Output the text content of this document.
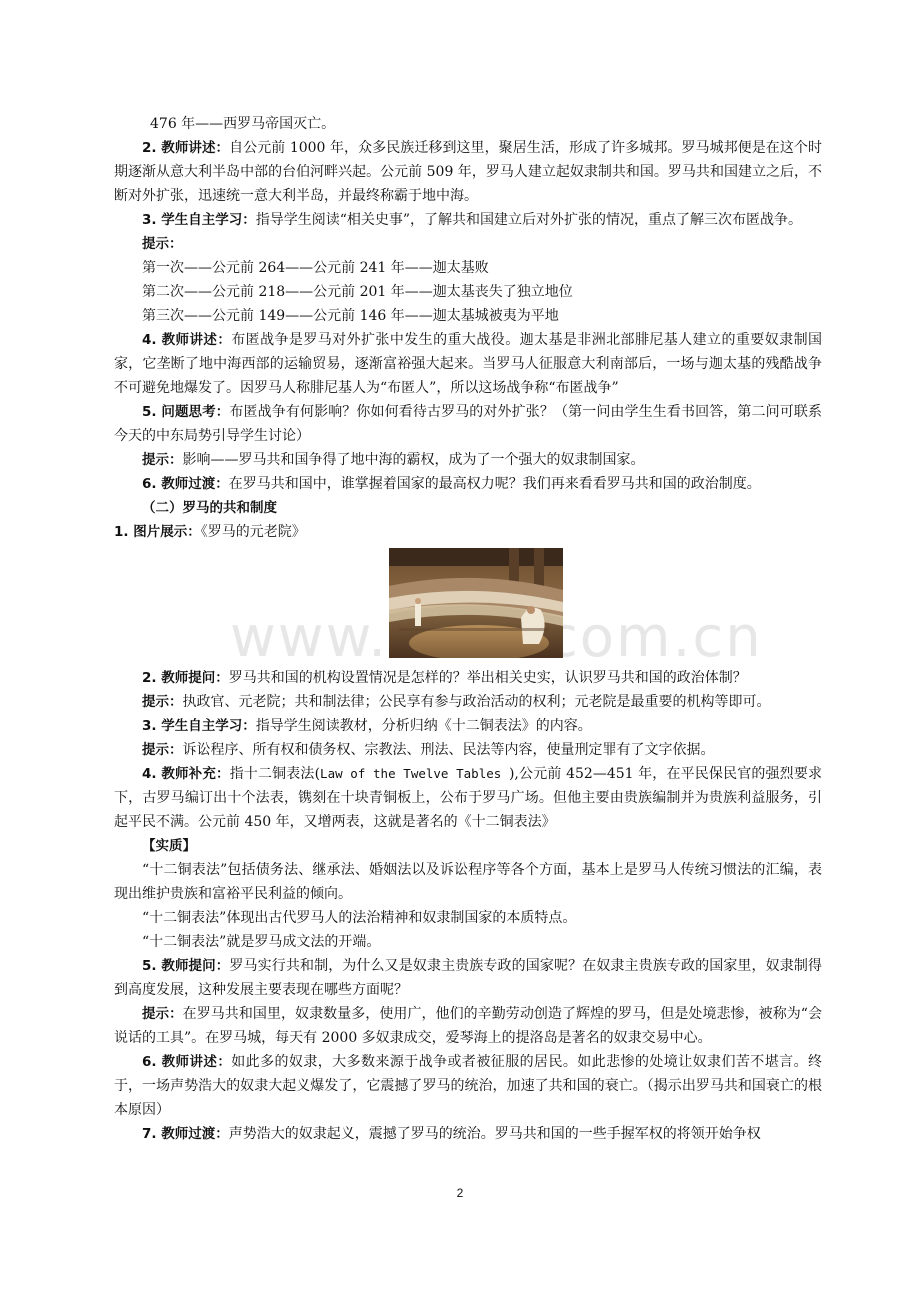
476 年——西罗马帝国灭亡。

2. 教师讲述：自公元前 1000 年，众多民族迁移到这里，聚居生活，形成了许多城邦。罗马城邦便是在这个时期逐渐从意大利半岛中部的台伯河畔兴起。公元前 509 年，罗马人建立起奴隶制共和国。罗马共和国建立之后，不断对外扩张，迅速统一意大利半岛，并最终称霸于地中海。

3. 学生自主学习：指导学生阅读“相关史事”，了解共和国建立后对外扩张的情况，重点了解三次布匿战争。

提示：

第一次——公元前 264——公元前 241 年——迦太基败

第二次——公元前 218——公元前 201 年——迦太基丧失了独立地位

第三次——公元前 149——公元前 146 年——迦太基城被夷为平地

4. 教师讲述：布匿战争是罗马对外扩张中发生的重大战役。迦太基是非洲北部腓尼基人建立的重要奴隶制国家，它垄断了地中海西部的运输贸易，逐渐富裕强大起来。当罗马人征服意大利南部后，一场与迦太基的残酷战争不可避免地爆发了。因罗马人称腓尼基人为“布匿人”，所以这场战争称“布匿战争”

5. 问题思考：布匿战争有何影响？你如何看待古罗马的对外扩张？（第一问由学生生看书回答，第二问可联系今天的中东局势引导学生讨论）

提示：影响——罗马共和国争得了地中海的霸权，成为了一个强大的奴隶制国家。

6. 教师过渡：在罗马共和国中，谁掌握着国家的最高权力呢？我们再来看看罗马共和国的政治制度。

（二）罗马的共和制度

1. 图片展示：《罗马的元老院》

2. 教师提问：罗马共和国的机构设置情况是怎样的？举出相关史实，认识罗马共和国的政治体制？

提示：执政官、元老院；共和制法律；公民享有参与政治活动的权利；元老院是最重要的机构等即可。

3. 学生自主学习：指导学生阅读教材，分析归纳《十二铜表法》的内容。

提示：诉讼程序、所有权和债务权、宗教法、刑法、民法等内容，使量刑定罪有了文字依据。

4. 教师补充：指十二铜表法(Law of the Twelve Tables ),公元前 452—451 年，在平民保民官的强烈要求下，古罗马编订出十个法表，镌刻在十块青铜板上，公布于罗马广场。但他主要由贵族编制并为贵族利益服务，引起平民不满。公元前 450 年，又增两表，这就是著名的《十二铜表法》

【实质】

“十二铜表法”包括债务法、继承法、婚姻法以及诉讼程序等各个方面，基本上是罗马人传统习惯法的汇编，表现出维护贵族和富裕平民利益的倾向。

“十二铜表法”体现出古代罗马人的法治精神和奴隶制国家的本质特点。

“十二铜表法”就是罗马成文法的开端。

5. 教师提问：罗马实行共和制，为什么又是奴隶主贵族专政的国家呢？在奴隶主贵族专政的国家里，奴隶制得到高度发展，这种发展主要表现在哪些方面呢？

提示：在罗马共和国里，奴隶数量多，使用广，他们的辛勤劳动创造了辉煌的罗马，但是处境悲惨，被称为“会说话的工具”。在罗马城，每天有 2000 多奴隶成交，爱琴海上的提洛岛是著名的奴隶交易中心。

6. 教师讲述：如此多的奴隶，大多数来源于战争或者被征服的居民。如此悲惨的处境让奴隶们苦不堪言。终于，一场声势浩大的奴隶大起义爆发了，它震撼了罗马的统治，加速了共和国的衰亡。（揭示出罗马共和国衰亡的根本原因）

7. 教师过渡：声势浩大的奴隶起义，震撼了罗马的统治。罗马共和国的一些手握军权的将领开始争权

2
